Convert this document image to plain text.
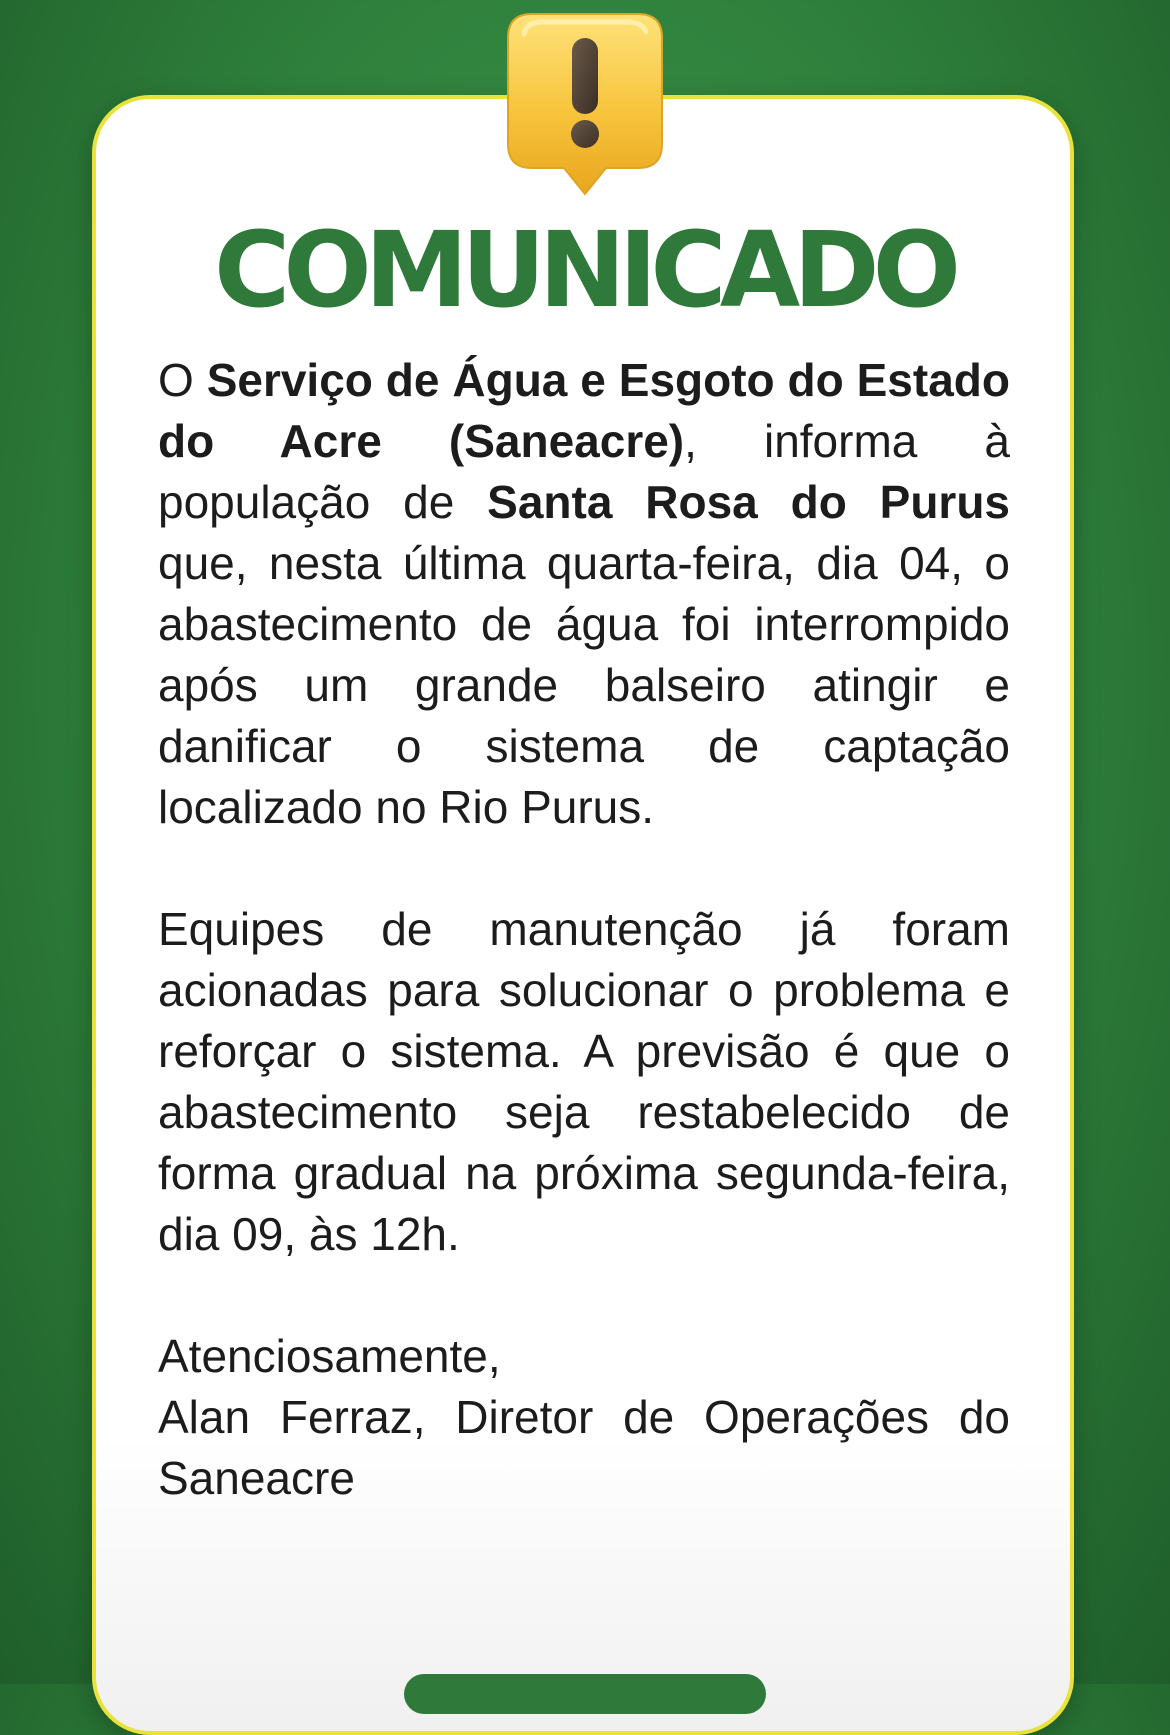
COMUNICADO

O Serviço de Água e Esgoto do Estado do Acre (Saneacre), informa à população de Santa Rosa do Purus que, nesta última quarta-feira, dia 04, o abastecimento de água foi interrompido após um grande balseiro atingir e danificar o sistema de captação localizado no Rio Purus.

Equipes de manutenção já foram acionadas para solucionar o problema e reforçar o sistema. A previsão é que o abastecimento seja restabelecido de forma gradual na próxima segunda-feira, dia 09, às 12h.

Atenciosamente,
Alan Ferraz, Diretor de Operações do
Saneacre
